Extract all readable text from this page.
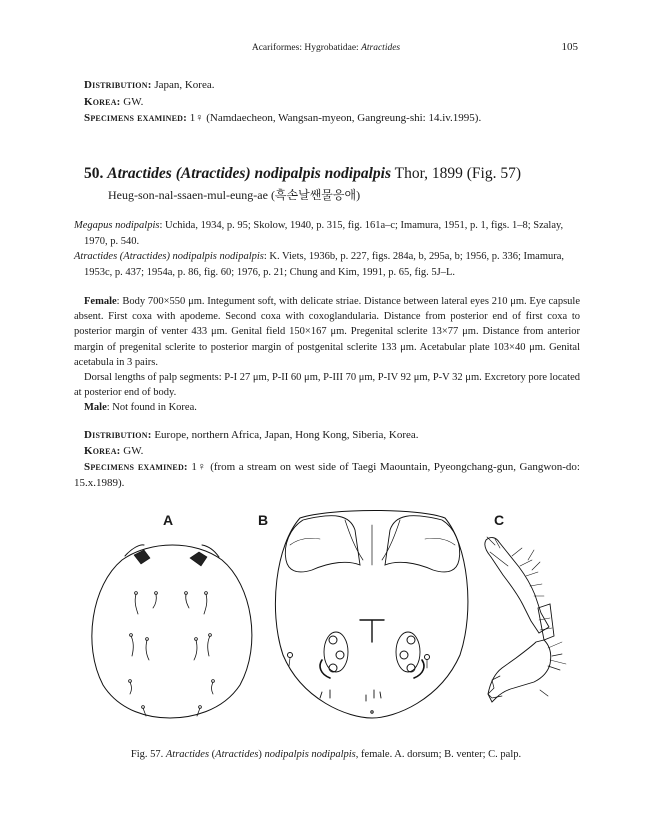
Acariformes: Hygrobatidae: Atractides	105
Distribution: Japan, Korea.
Korea: GW.
Specimens examined: 1♀ (Namdaecheon, Wangsan-myeon, Gangreung-shi: 14.iv.1995).
50. Atractides (Atractides) nodipalpis nodipalpis Thor, 1899 (Fig. 57)
Heug-son-nal-ssaen-mul-eung-ae (흑손날쌘물응애)

Megapus nodipalpis: Uchida, 1934, p. 95; Skolow, 1940, p. 315, fig. 161a–c; Imamura, 1951, p. 1, figs. 1–8; Szalay, 1970, p. 540.

Atractides (Atractides) nodipalpis nodipalpis: K. Viets, 1936b, p. 227, figs. 284a, b, 295a, b; 1956, p. 336; Imamura, 1953c, p. 437; 1954a, p. 86, fig. 60; 1976, p. 21; Chung and Kim, 1991, p. 65, fig. 5J–L.

Female: Body 700×550 μm. Integument soft, with delicate striae. Distance between lateral eyes 210 μm. Eye capsule absent. First coxa with apodeme. Second coxa with coxoglandularia. Distance from posterior end of first coxa to posterior margin of venter 433 μm. Genital field 150×167 μm. Pregenital sclerite 13×77 μm. Distance from anterior margin of pregenital sclerite to posterior margin of postgenital sclerite 133 μm. Acetabular plate 103×40 μm. Genital acetabula in 3 pairs.

Dorsal lengths of palp segments: P-I 27 μm, P-II 60 μm, P-III 70 μm, P-IV 92 μm, P-V 32 μm. Excretory pore located at posterior end of body.

Male: Not found in Korea.

Distribution: Europe, northern Africa, Japan, Hong Kong, Siberia, Korea.

Korea: GW.

Specimens examined: 1♀ (from a stream on west side of Taegi Maountain, Pyeongchang-gun, Gangwon-do: 15.x.1989).

A	B	C
Fig. 57. Atractides (Atractides) nodipalpis nodipalpis, female. A. dorsum; B. venter; C. palp.
